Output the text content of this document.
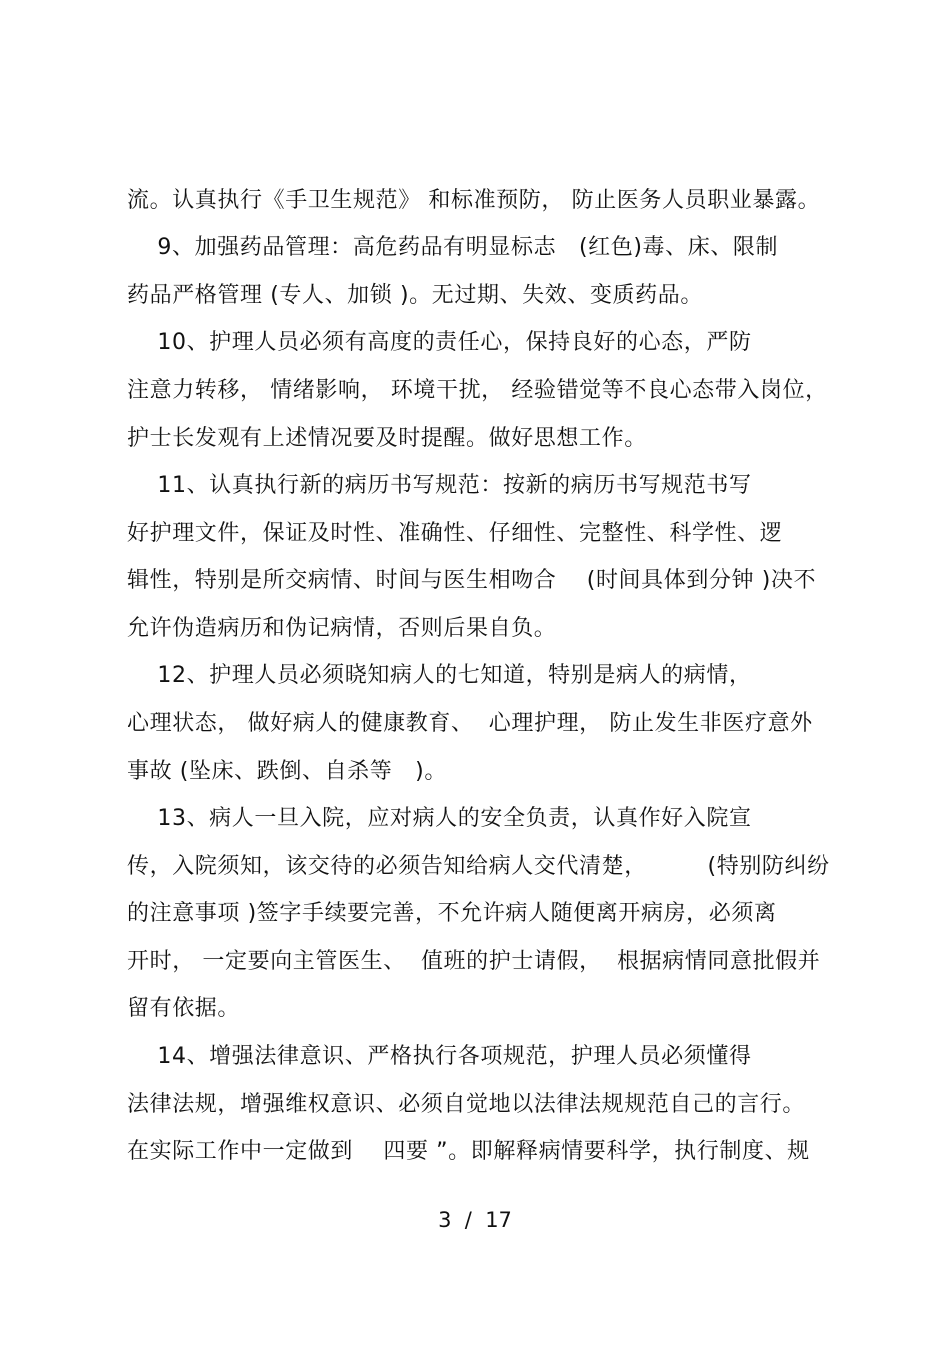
流。认真执行《手卫生规范》 和标准预防， 防止医务人员职业暴露。
9、加强药品管理：高危药品有明显标志   (红色)毒、床、限制
药品严格管理 (专人、加锁 )。无过期、失效、变质药品。
10、护理人员必须有高度的责任心，保持良好的心态，严防
注意力转移， 情绪影响， 环境干扰， 经验错觉等不良心态带入岗位，
护士长发观有上述情况要及时提醒。做好思想工作。
11、认真执行新的病历书写规范：按新的病历书写规范书写
好护理文件，保证及时性、准确性、仔细性、完整性、科学性、逻
辑性，特别是所交病情、时间与医生相吻合    (时间具体到分钟 )决不
允许伪造病历和伪记病情，否则后果自负。
12、护理人员必须晓知病人的七知道，特别是病人的病情，
心理状态， 做好病人的健康教育、  心理护理， 防止发生非医疗意外
事故 (坠床、跌倒、自杀等   )。
13、病人一旦入院，应对病人的安全负责，认真作好入院宣
传，入院须知，该交待的必须告知给病人交代清楚，        (特别防纠纷
的注意事项 )签字手续要完善，不允许病人随便离开病房，必须离
开时， 一定要向主管医生、  值班的护士请假，  根据病情同意批假并
留有依据。
14、增强法律意识、严格执行各项规范，护理人员必须懂得
法律法规，增强维权意识、必须自觉地以法律法规规范自己的言行。
在实际工作中一定做到    四要 ”。即解释病情要科学，执行制度、规
3  /  17
